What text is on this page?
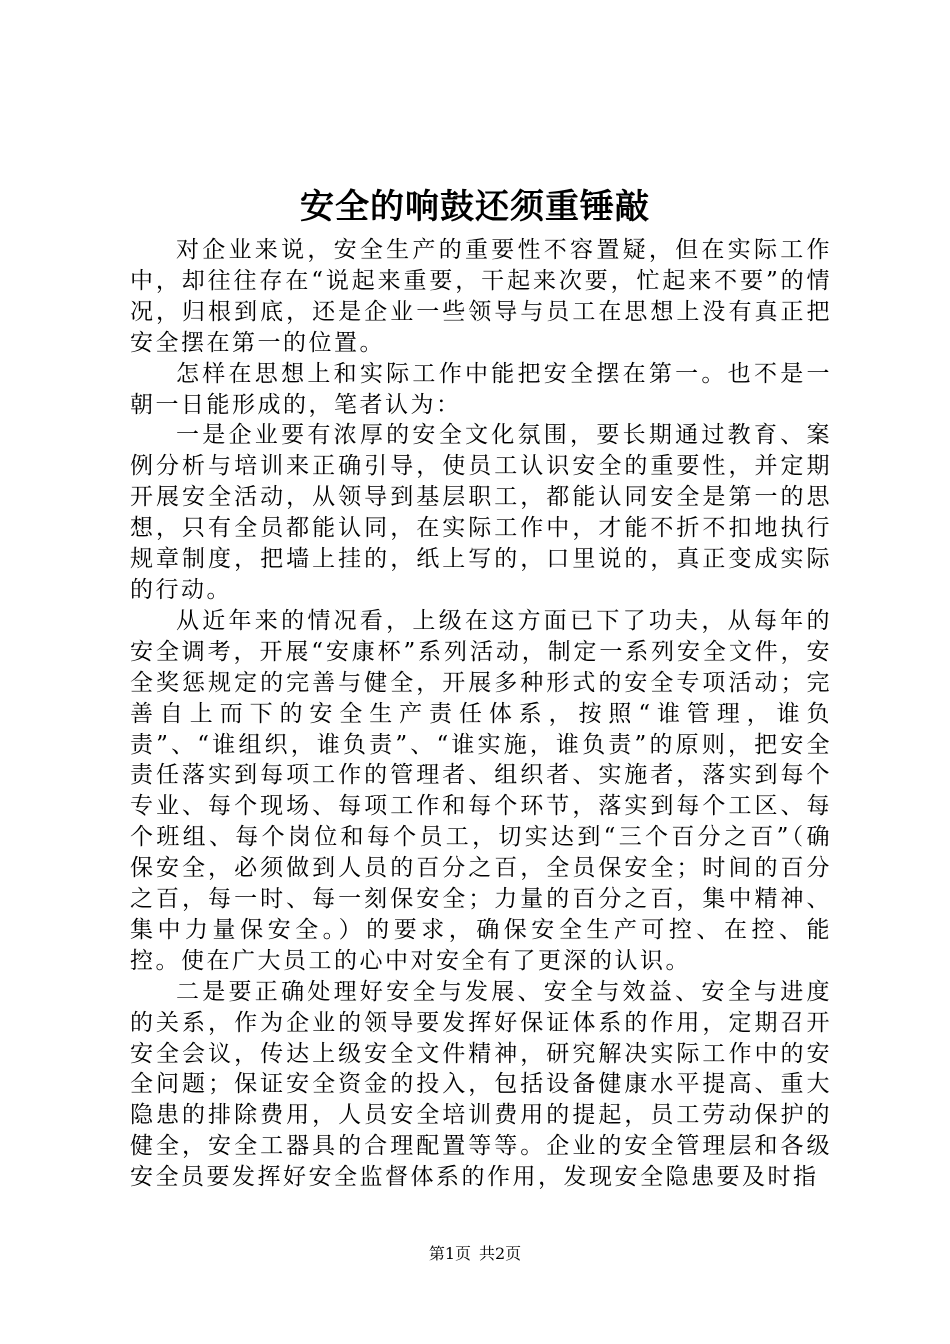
安全的响鼓还须重锤敲

对企业来说，安全生产的重要性不容置疑，但在实际工作中，却往往存在“说起来重要，干起来次要，忙起来不要”的情况，归根到底，还是企业一些领导与员工在思想上没有真正把安全摆在第一的位置。

怎样在思想上和实际工作中能把安全摆在第一。也不是一朝一日能形成的，笔者认为：

一是企业要有浓厚的安全文化氛围，要长期通过教育、案例分析与培训来正确引导，使员工认识安全的重要性，并定期开展安全活动，从领导到基层职工，都能认同安全是第一的思想，只有全员都能认同，在实际工作中，才能不折不扣地执行规章制度，把墙上挂的，纸上写的，口里说的，真正变成实际的行动。

从近年来的情况看，上级在这方面已下了功夫，从每年的安全调考，开展“安康杯”系列活动，制定一系列安全文件，安全奖惩规定的完善与健全，开展多种形式的安全专项活动；完善自上而下的安全生产责任体系，按照“谁管理，谁负责”、“谁组织，谁负责”、“谁实施，谁负责”的原则，把安全责任落实到每项工作的管理者、组织者、实施者，落实到每个专业、每个现场、每项工作和每个环节，落实到每个工区、每个班组、每个岗位和每个员工，切实达到“三个百分之百”（确保安全，必须做到人员的百分之百，全员保安全；时间的百分之百，每一时、每一刻保安全；力量的百分之百，集中精神、集中力量保安全。）的要求，确保安全生产可控、在控、能控。使在广大员工的心中对安全有了更深的认识。

二是要正确处理好安全与发展、安全与效益、安全与进度的关系，作为企业的领导要发挥好保证体系的作用，定期召开安全会议，传达上级安全文件精神，研究解决实际工作中的安全问题；保证安全资金的投入，包括设备健康水平提高、重大隐患的排除费用，人员安全培训费用的提起，员工劳动保护的健全，安全工器具的合理配置等等。企业的安全管理层和各级安全员要发挥好安全监督体系的作用，发现安全隐患要及时指

第1页 共2页
